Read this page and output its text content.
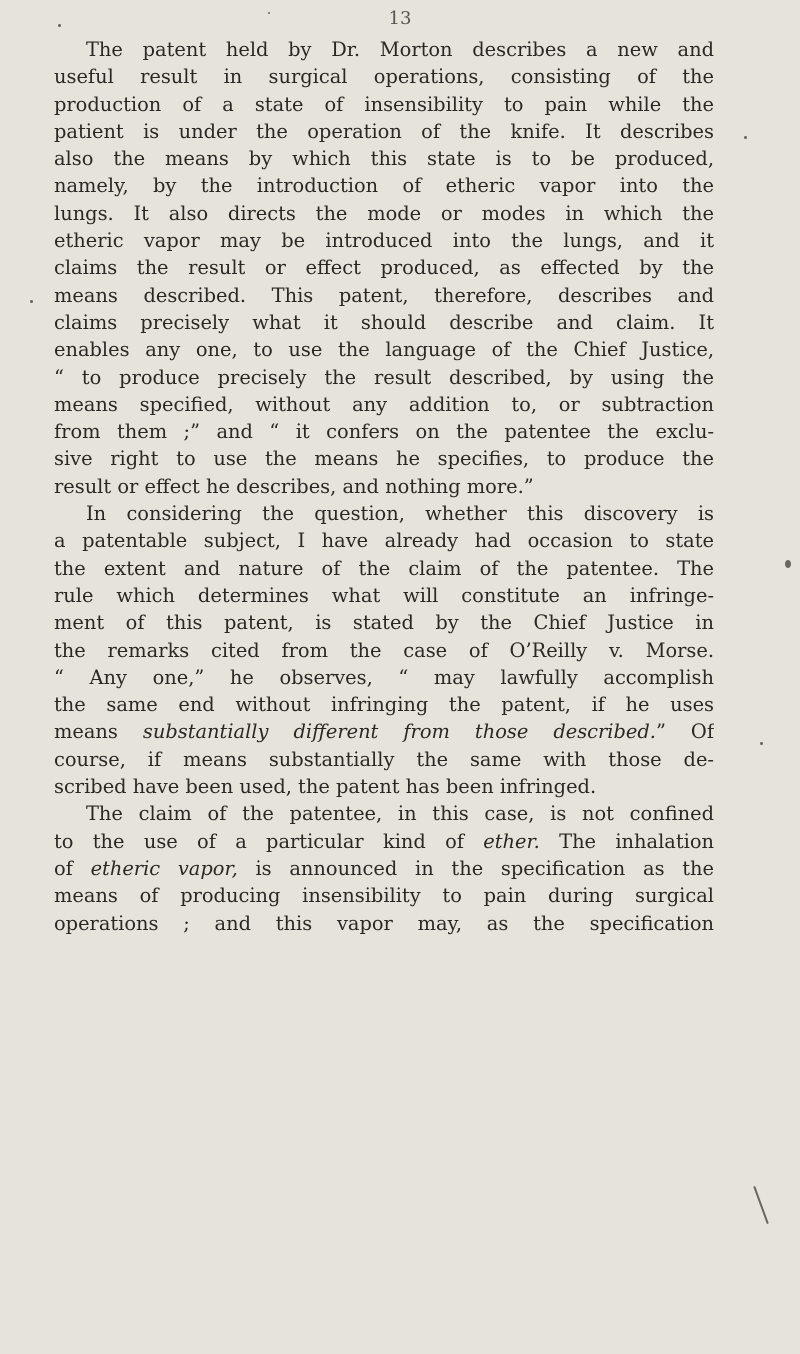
13
The patent held by Dr. Morton describes a new and
useful result in surgical operations, consisting of the
production of a state of insensibility to pain while the
patient is under the operation of the knife. It describes
also the means by which this state is to be produced,
namely, by the introduction of etheric vapor into the
lungs. It also directs the mode or modes in which the
etheric vapor may be introduced into the lungs, and it
claims the result or effect produced, as effected by the
means described. This patent, therefore, describes and
claims precisely what it should describe and claim. It
enables any one, to use the language of the Chief Justice,
“ to produce precisely the result described, by using the
means specified, without any addition to, or subtraction
from them ;” and “ it confers on the patentee the exclu-
sive right to use the means he specifies, to produce the
result or effect he describes, and nothing more.”
In considering the question, whether this discovery is
a patentable subject, I have already had occasion to state
the extent and nature of the claim of the patentee. The
rule which determines what will constitute an infringe-
ment of this patent, is stated by the Chief Justice in
the remarks cited from the case of O’Reilly v. Morse.
“ Any one,” he observes, “ may lawfully accomplish
the same end without infringing the patent, if he uses
means substantially different from those described.” Of
course, if means substantially the same with those de-
scribed have been used, the patent has been infringed.
The claim of the patentee, in this case, is not confined
to the use of a particular kind of ether. The inhalation
of etheric vapor, is announced in the specification as the
means of producing insensibility to pain during surgical
operations ; and this vapor may, as the specification
